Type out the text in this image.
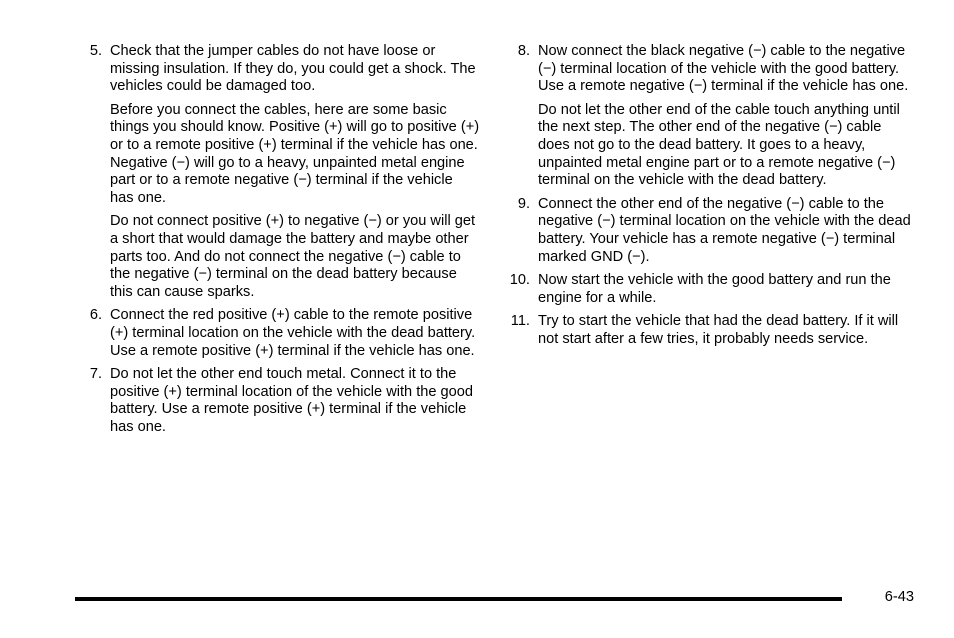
5. Check that the jumper cables do not have loose or missing insulation. If they do, you could get a shock. The vehicles could be damaged too.

Before you connect the cables, here are some basic things you should know. Positive (+) will go to positive (+) or to a remote positive (+) terminal if the vehicle has one. Negative (−) will go to a heavy, unpainted metal engine part or to a remote negative (−) terminal if the vehicle has one.

Do not connect positive (+) to negative (−) or you will get a short that would damage the battery and maybe other parts too. And do not connect the negative (−) cable to the negative (−) terminal on the dead battery because this can cause sparks.

6. Connect the red positive (+) cable to the remote positive (+) terminal location on the vehicle with the dead battery. Use a remote positive (+) terminal if the vehicle has one.

7. Do not let the other end touch metal. Connect it to the positive (+) terminal location of the vehicle with the good battery. Use a remote positive (+) terminal if the vehicle has one.

8. Now connect the black negative (−) cable to the negative (−) terminal location of the vehicle with the good battery. Use a remote negative (−) terminal if the vehicle has one.

Do not let the other end of the cable touch anything until the next step. The other end of the negative (−) cable does not go to the dead battery. It goes to a heavy, unpainted metal engine part or to a remote negative (−) terminal on the vehicle with the dead battery.

9. Connect the other end of the negative (−) cable to the negative (−) terminal location on the vehicle with the dead battery. Your vehicle has a remote negative (−) terminal marked GND (−).

10. Now start the vehicle with the good battery and run the engine for a while.

11. Try to start the vehicle that had the dead battery. If it will not start after a few tries, it probably needs service.

6-43
